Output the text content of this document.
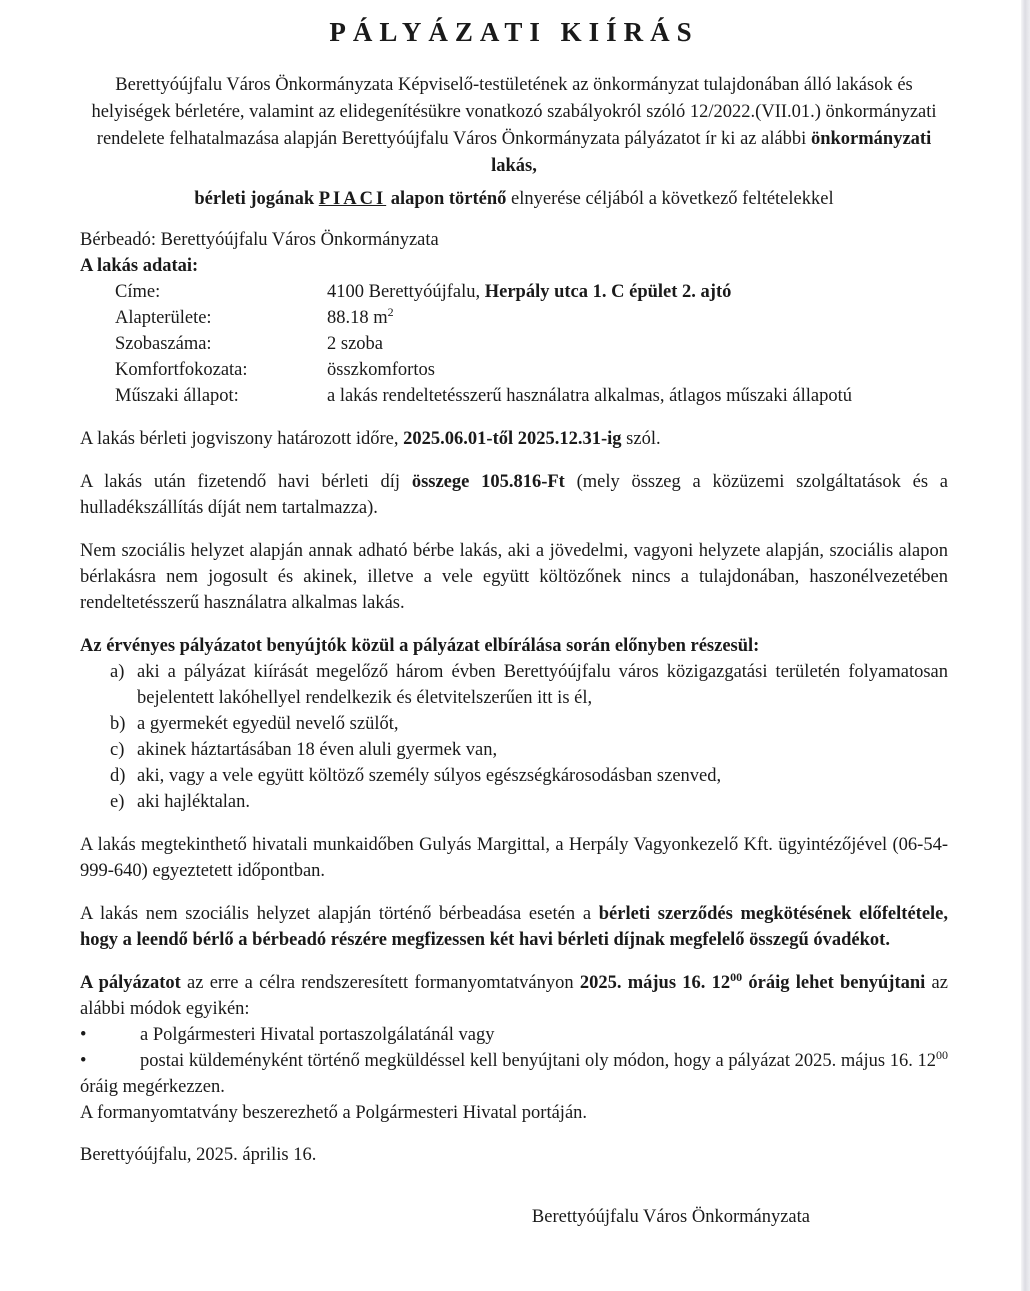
PÁLYÁZATI KIÍRÁS

Berettyóújfalu Város Önkormányzata Képviselő-testületének az önkormányzat tulajdonában álló lakások és helyiségek bérletére, valamint az elidegenítésükre vonatkozó szabályokról szóló 12/2022.(VII.01.) önkormányzati rendelete felhatalmazása alapján Berettyóújfalu Város Önkormányzata pályázatot ír ki az alábbi önkormányzati lakás,

bérleti jogának PIACI alapon történő elnyerése céljából a következő feltételekkel

Bérbeadó: Berettyóújfalu Város Önkormányzata

A lakás adatai:

Címe:	4100 Berettyóújfalu, Herpály utca 1. C épület 2. ajtó
Alapterülete:	88.18 $m^2$
Szobaszáma:	2 szoba
Komfortfokozata:	összkomfortos
Műszaki állapot:	a lakás rendeltetésszerű használatra alkalmas, átlagos műszaki állapotú

A lakás bérleti jogviszony határozott időre, 2025.06.01-től 2025.12.31-ig szól.

A lakás után fizetendő havi bérleti díj összege 105.816-Ft (mely összeg a közüzemi szolgáltatások és a hulladékszállítás díját nem tartalmazza).

Nem szociális helyzet alapján annak adható bérbe lakás, aki a jövedelmi, vagyoni helyzete alapján, szociális alapon bérlakásra nem jogosult és akinek, illetve a vele együtt költözőnek nincs a tulajdonában, haszonélvezetében rendeltetésszerű használatra alkalmas lakás.

Az érvényes pályázatot benyújtók közül a pályázat elbírálása során előnyben részesül:

a) aki a pályázat kiírását megelőző három évben Berettyóújfalu város közigazgatási területén folyamatosan bejelentett lakóhellyel rendelkezik és életvitelszerűen itt is él,
b) a gyermekét egyedül nevelő szülőt,
c) akinek háztartásában 18 éven aluli gyermek van,
d) aki, vagy a vele együtt költöző személy súlyos egészségkárosodásban szenved,
e) aki hajléktalan.

A lakás megtekinthető hivatali munkaidőben Gulyás Margittal, a Herpály Vagyonkezelő Kft. ügyintézőjével (06-54-999-640) egyeztetett időpontban.

A lakás nem szociális helyzet alapján történő bérbeadása esetén a bérleti szerződés megkötésének előfeltétele, hogy a leendő bérlő a bérbeadó részére megfizessen két havi bérleti díjnak megfelelő összegű óvadékot.

A pályázatot az erre a célra rendszeresített formanyomtatványon 2025. május 16. $12^{00}$ óráig lehet benyújtani az alábbi módok egyikén:

•	a Polgármesteri Hivatal portaszolgálatánál vagy

•	postai küldeményként történő megküldéssel kell benyújtani oly módon, hogy a pályázat 2025. május 16. $12^{00}$ óráig megérkezzen.

A formanyomtatvány beszerezhető a Polgármesteri Hivatal portáján.

Berettyóújfalu, 2025. április 16.

Berettyóújfalu Város Önkormányzata
